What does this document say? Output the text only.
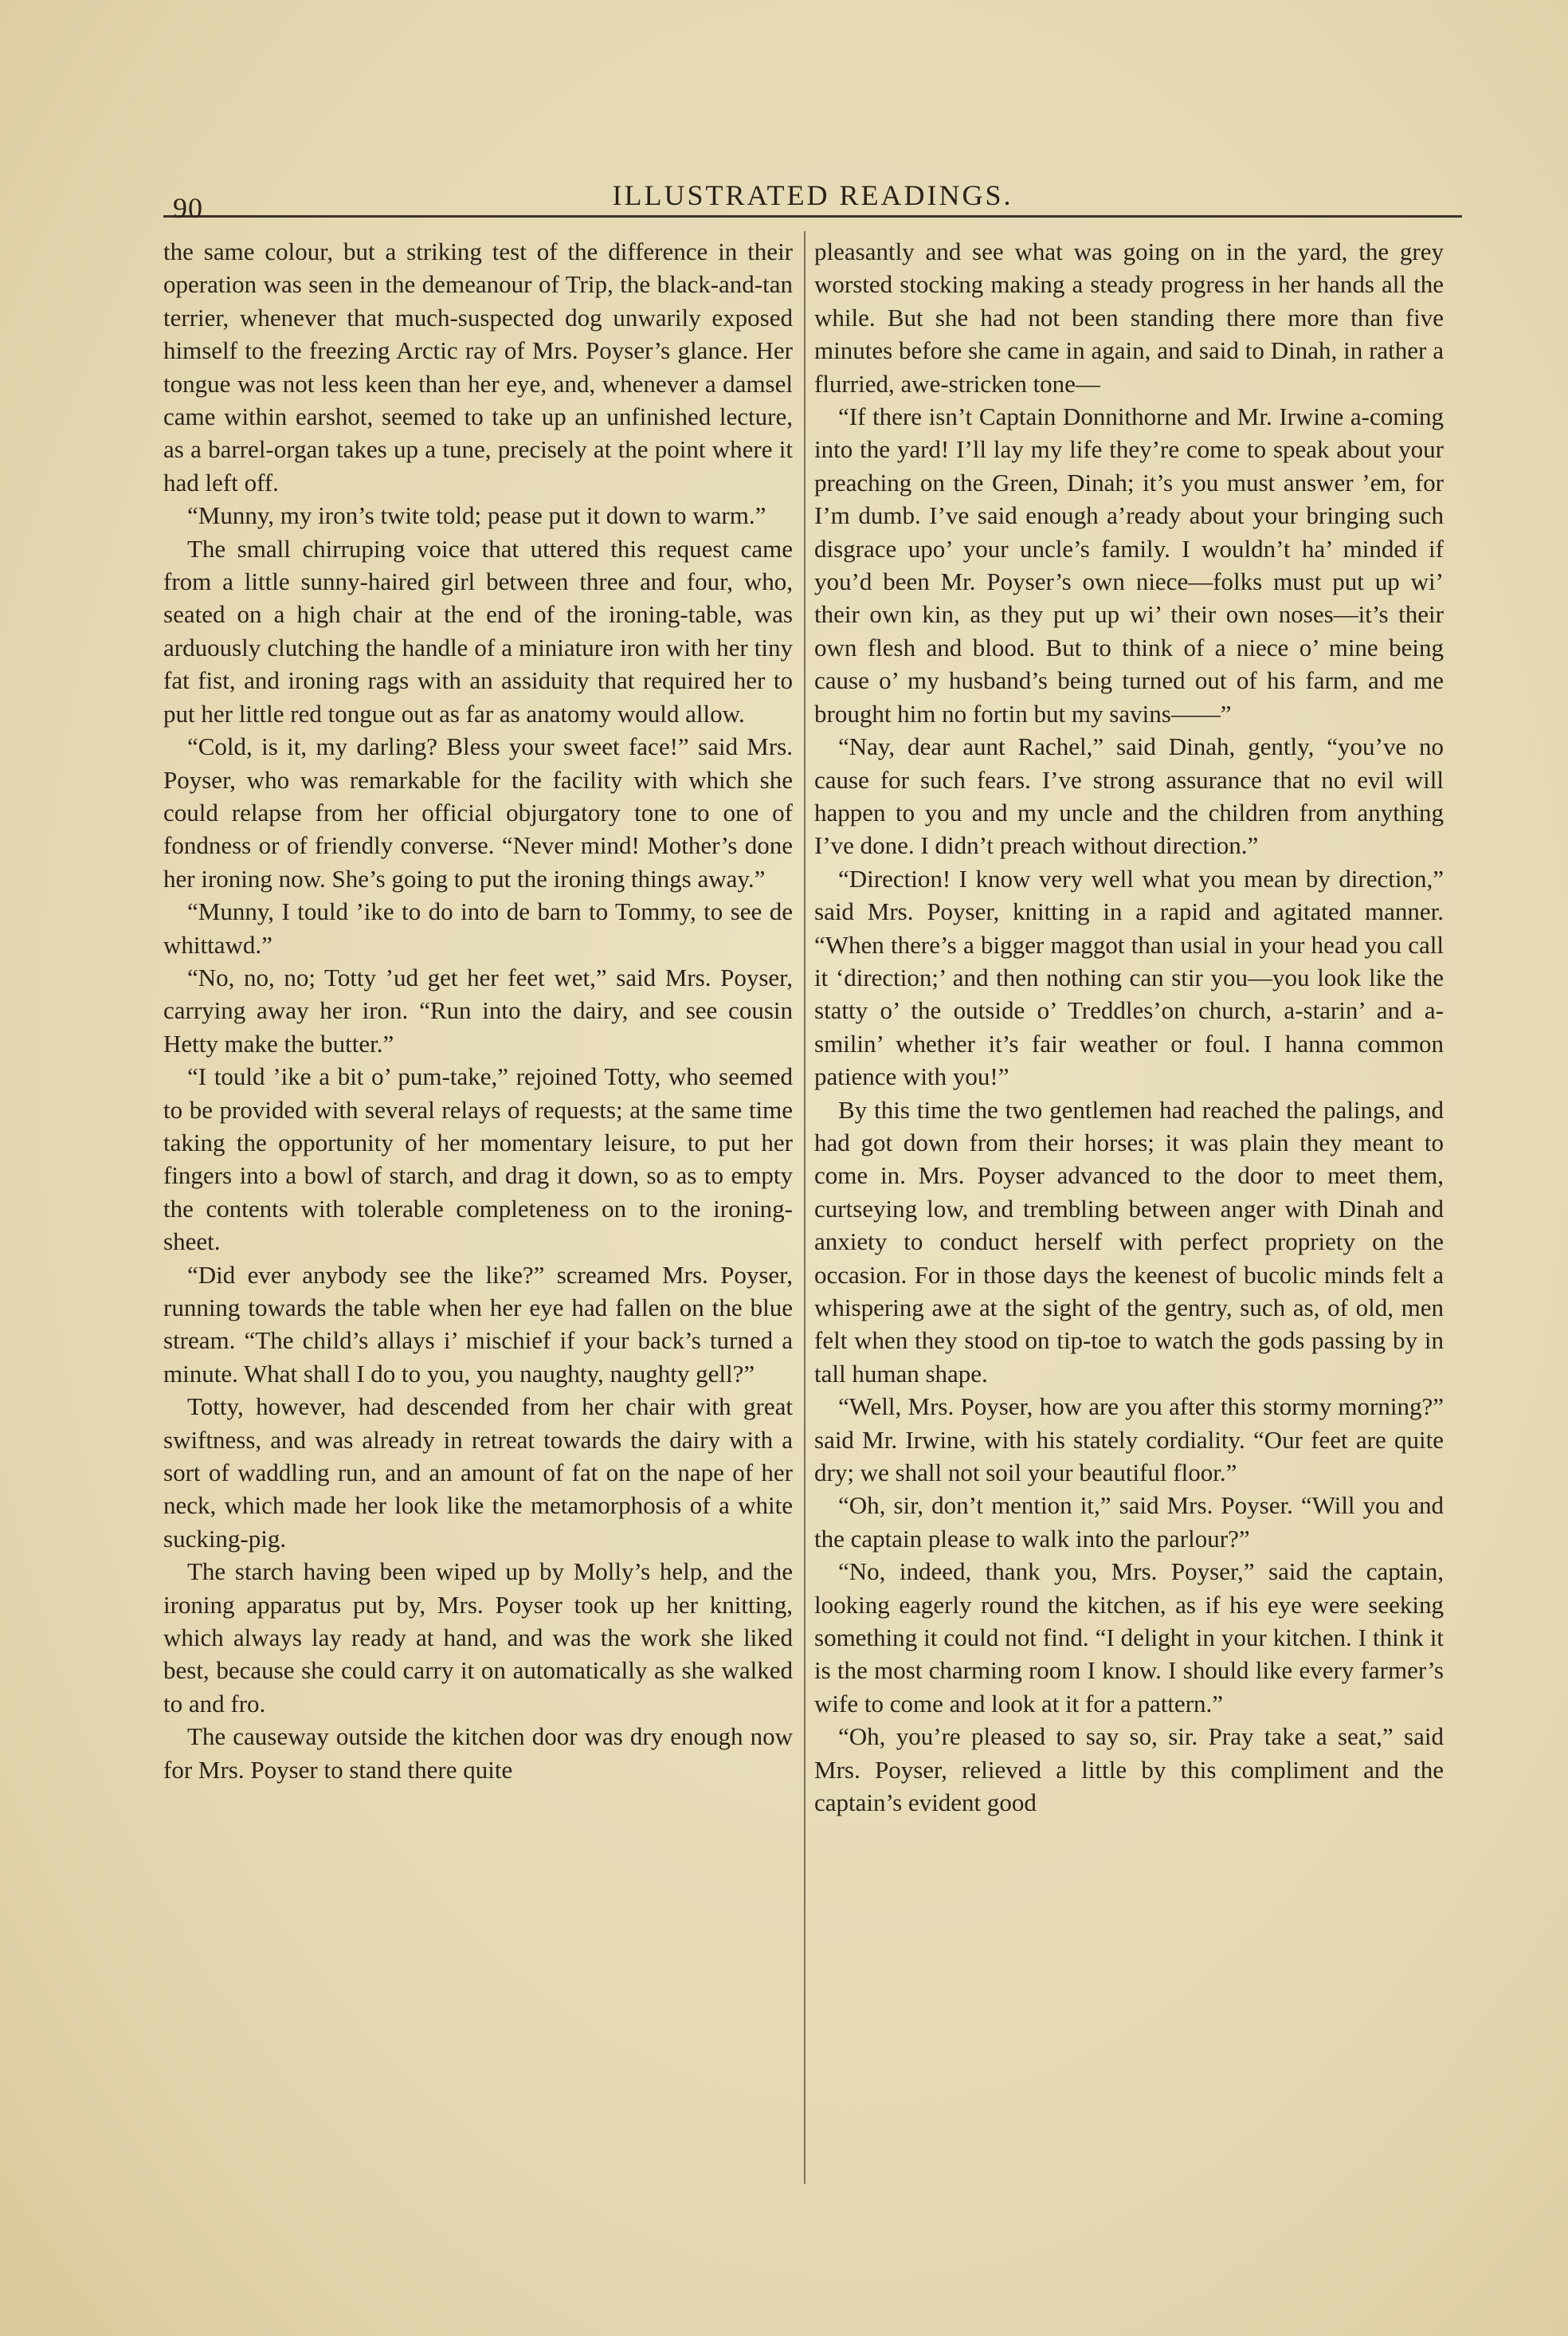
90	ILLUSTRATED READINGS.

the same colour, but a striking test of the difference in their operation was seen in the demeanour of Trip, the black-and-tan terrier, whenever that much-suspected dog unwarily exposed himself to the freezing Arctic ray of Mrs. Poyser’s glance. Her tongue was not less keen than her eye, and, whenever a damsel came within earshot, seemed to take up an unfinished lecture, as a barrel-organ takes up a tune, precisely at the point where it had left off.

“Munny, my iron’s twite told; pease put it down to warm.”

The small chirruping voice that uttered this request came from a little sunny-haired girl between three and four, who, seated on a high chair at the end of the ironing-table, was arduously clutching the handle of a miniature iron with her tiny fat fist, and ironing rags with an assiduity that required her to put her little red tongue out as far as anatomy would allow.

“Cold, is it, my darling? Bless your sweet face!” said Mrs. Poyser, who was remarkable for the facility with which she could relapse from her official objurgatory tone to one of fondness or of friendly converse. “Never mind! Mother’s done her ironing now. She’s going to put the ironing things away.”

“Munny, I tould ’ike to do into de barn to Tommy, to see de whittawd.”

“No, no, no; Totty ’ud get her feet wet,” said Mrs. Poyser, carrying away her iron. “Run into the dairy, and see cousin Hetty make the butter.”

“I tould ’ike a bit o’ pum-take,” rejoined Totty, who seemed to be provided with several relays of requests; at the same time taking the opportunity of her momentary leisure, to put her fingers into a bowl of starch, and drag it down, so as to empty the contents with tolerable completeness on to the ironing-sheet.

“Did ever anybody see the like?” screamed Mrs. Poyser, running towards the table when her eye had fallen on the blue stream. “The child’s allays i’ mischief if your back’s turned a minute. What shall I do to you, you naughty, naughty gell?”

Totty, however, had descended from her chair with great swiftness, and was already in retreat towards the dairy with a sort of waddling run, and an amount of fat on the nape of her neck, which made her look like the metamorphosis of a white sucking-pig.

The starch having been wiped up by Molly’s help, and the ironing apparatus put by, Mrs. Poyser took up her knitting, which always lay ready at hand, and was the work she liked best, because she could carry it on automatically as she walked to and fro.

The causeway outside the kitchen door was dry enough now for Mrs. Poyser to stand there quite

pleasantly and see what was going on in the yard, the grey worsted stocking making a steady progress in her hands all the while. But she had not been standing there more than five minutes before she came in again, and said to Dinah, in rather a flurried, awe-stricken tone—

“If there isn’t Captain Donnithorne and Mr. Irwine a-coming into the yard! I’ll lay my life they’re come to speak about your preaching on the Green, Dinah; it’s you must answer ’em, for I’m dumb. I’ve said enough a’ready about your bringing such disgrace upo’ your uncle’s family. I wouldn’t ha’ minded if you’d been Mr. Poyser’s own niece—folks must put up wi’ their own kin, as they put up wi’ their own noses—it’s their own flesh and blood. But to think of a niece o’ mine being cause o’ my husband’s being turned out of his farm, and me brought him no fortin but my savins——”

“Nay, dear aunt Rachel,” said Dinah, gently, “you’ve no cause for such fears. I’ve strong assurance that no evil will happen to you and my uncle and the children from anything I’ve done. I didn’t preach without direction.”

“Direction! I know very well what you mean by direction,” said Mrs. Poyser, knitting in a rapid and agitated manner. “When there’s a bigger maggot than usial in your head you call it ‘direction;’ and then nothing can stir you—you look like the statty o’ the outside o’ Treddles’on church, a-starin’ and a-smilin’ whether it’s fair weather or foul. I hanna common patience with you!”

By this time the two gentlemen had reached the palings, and had got down from their horses; it was plain they meant to come in. Mrs. Poyser advanced to the door to meet them, curtseying low, and trembling between anger with Dinah and anxiety to conduct herself with perfect propriety on the occasion. For in those days the keenest of bucolic minds felt a whispering awe at the sight of the gentry, such as, of old, men felt when they stood on tip-toe to watch the gods passing by in tall human shape.

“Well, Mrs. Poyser, how are you after this stormy morning?” said Mr. Irwine, with his stately cordiality. “Our feet are quite dry; we shall not soil your beautiful floor.”

“Oh, sir, don’t mention it,” said Mrs. Poyser. “Will you and the captain please to walk into the parlour?”

“No, indeed, thank you, Mrs. Poyser,” said the captain, looking eagerly round the kitchen, as if his eye were seeking something it could not find. “I delight in your kitchen. I think it is the most charming room I know. I should like every farmer’s wife to come and look at it for a pattern.”

“Oh, you’re pleased to say so, sir. Pray take a seat,” said Mrs. Poyser, relieved a little by this compliment and the captain’s evident good
